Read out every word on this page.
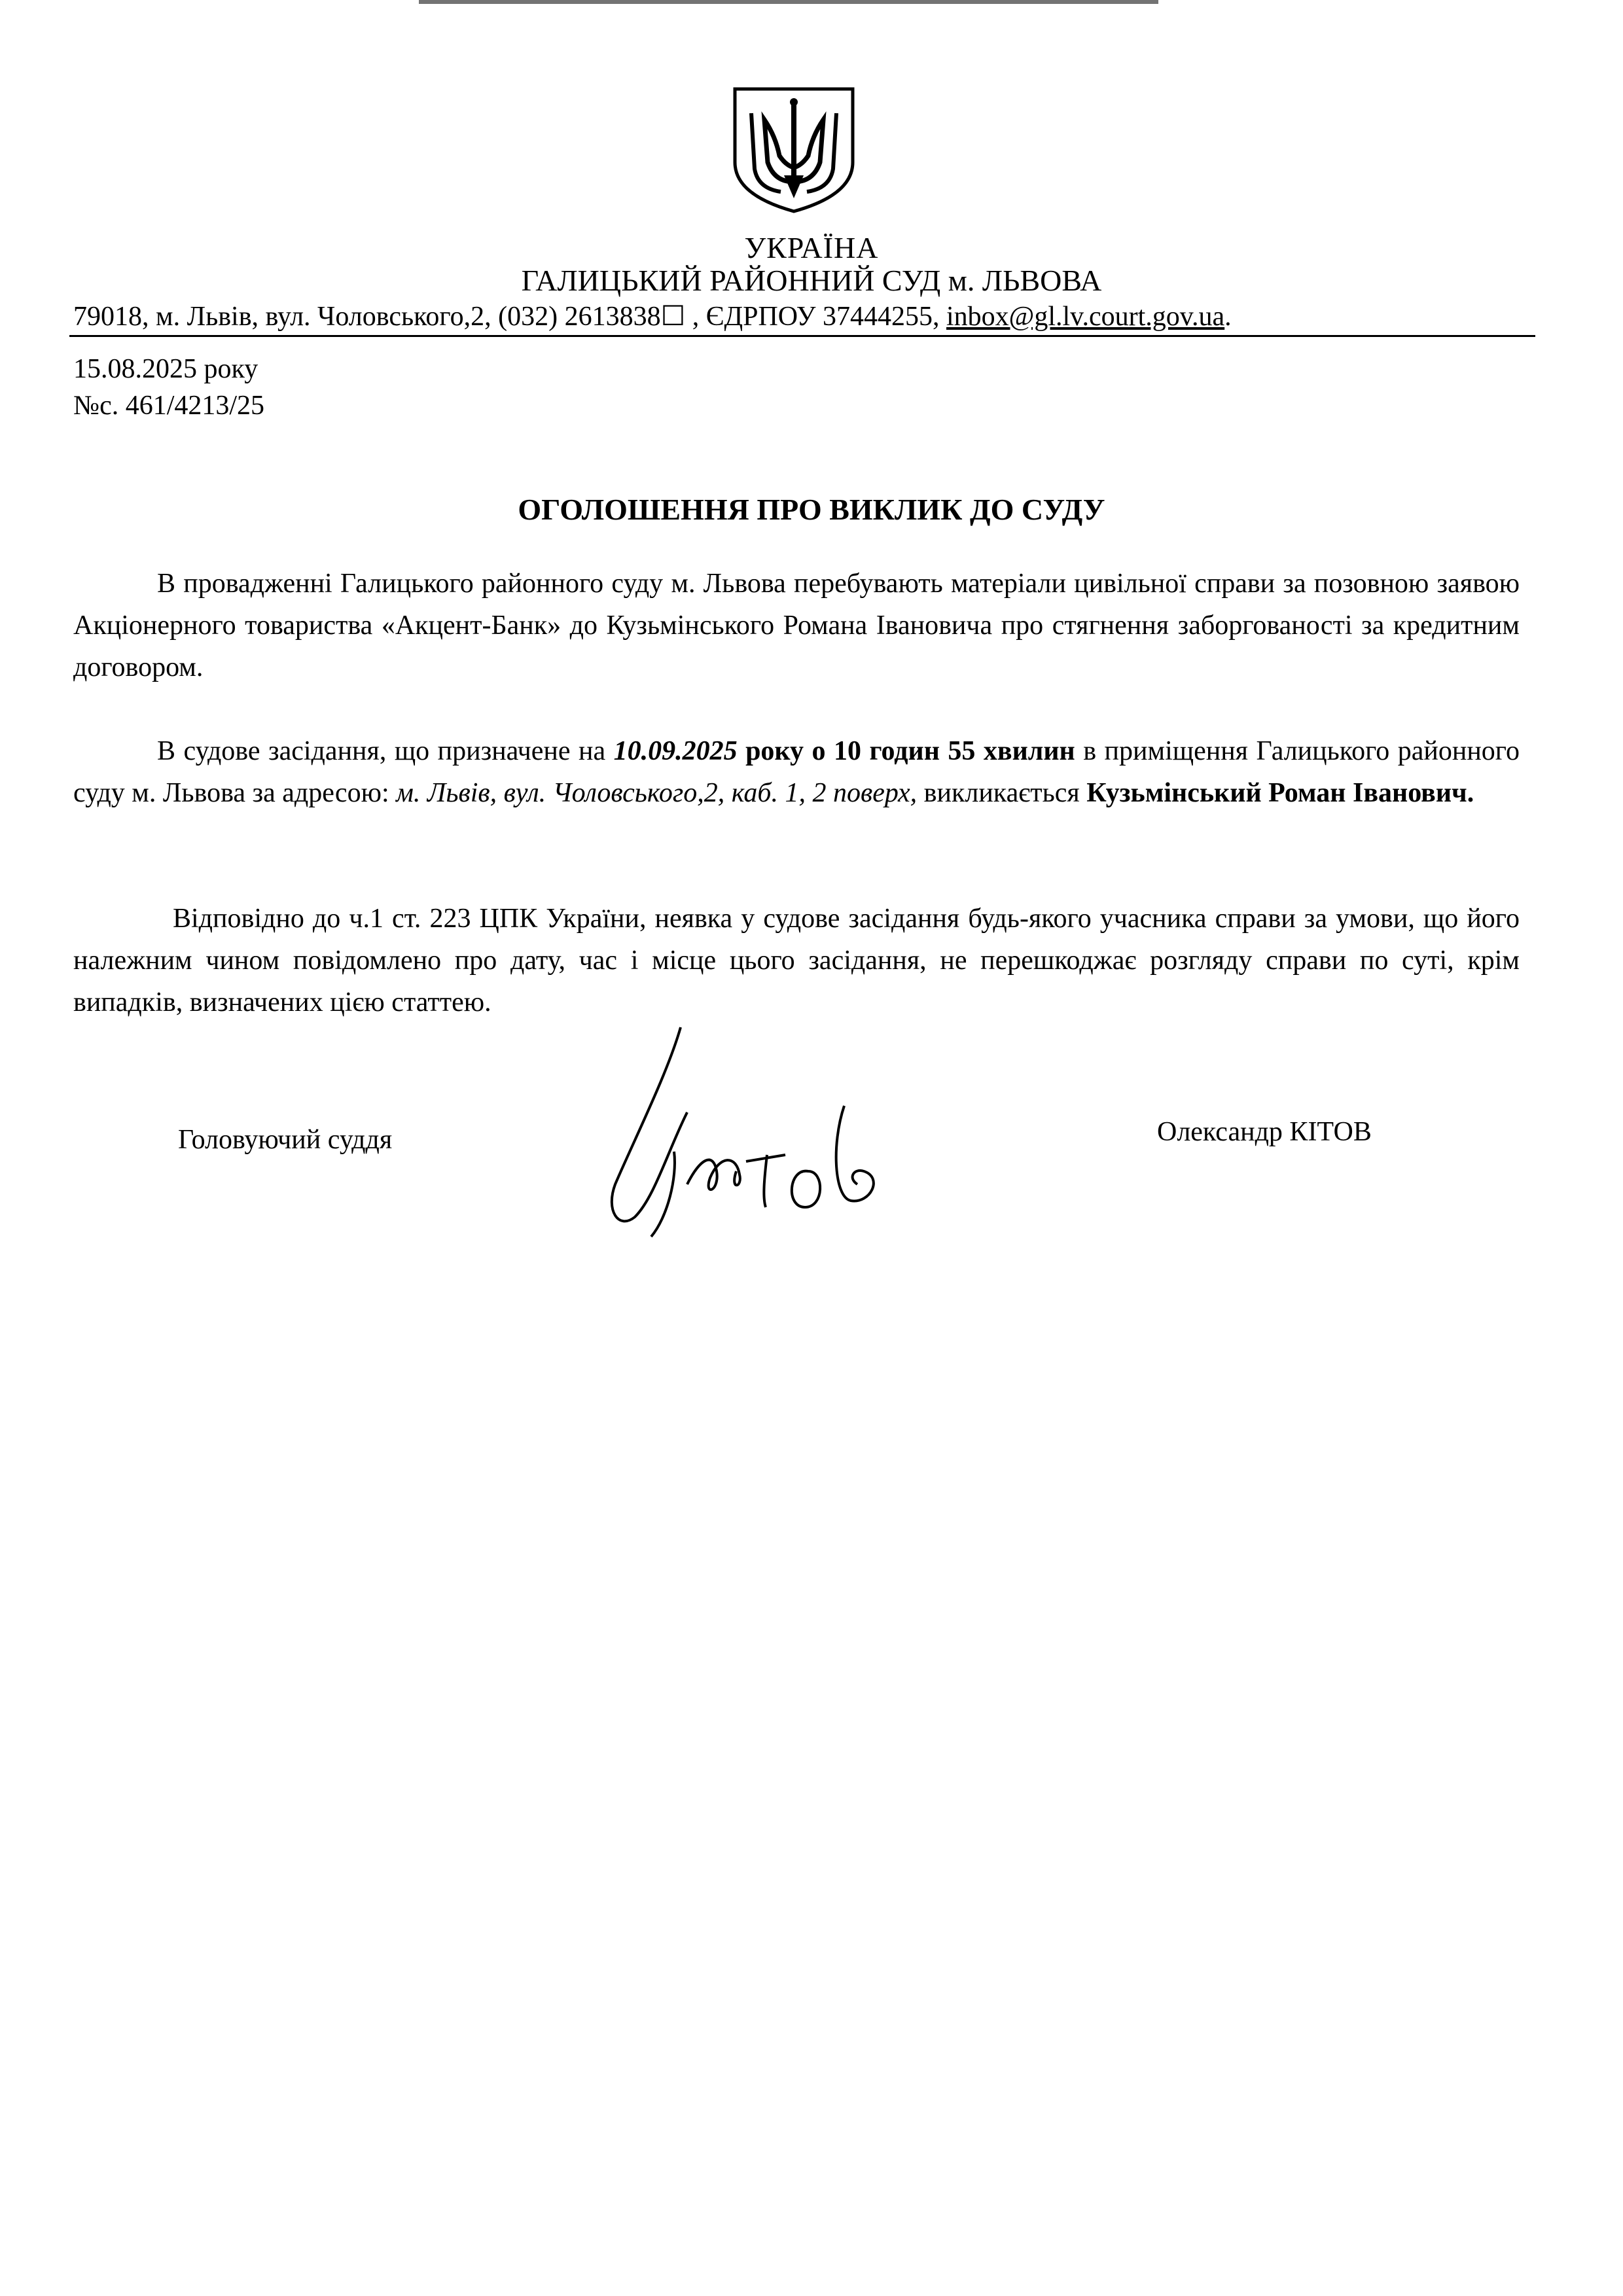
УКРАЇНА
ГАЛИЦЬКИЙ РАЙОННИЙ СУД м. ЛЬВОВА
79018, м. Львів, вул. Чоловського,2, (032) 2613838☐ , ЄДРПОУ 37444255, inbox@gl.lv.court.gov.ua.
15.08.2025 року
№с. 461/4213/25
ОГОЛОШЕННЯ ПРО ВИКЛИК ДО СУДУ
В провадженні Галицького районного суду м. Львова перебувають матеріали цивільної справи за позовною заявою Акціонерного товариства «Акцент-Банк» до Кузьмінського Романа Івановича про стягнення заборгованості за кредитним договором.
В судове засідання, що призначене на 10.09.2025 року о 10 годин 55 хвилин в приміщення Галицького районного суду м. Львова за адресою: м. Львів, вул. Чоловського,2, каб. 1, 2 поверх, викликається Кузьмінський Роман Іванович.
Відповідно до ч.1 ст. 223 ЦПК України, неявка у судове засідання будь-якого учасника справи за умови, що його належним чином повідомлено про дату, час і місце цього засідання, не перешкоджає розгляду справи по суті, крім випадків, визначених цією статтею.
Головуючий суддя	Олександр КІТОВ
